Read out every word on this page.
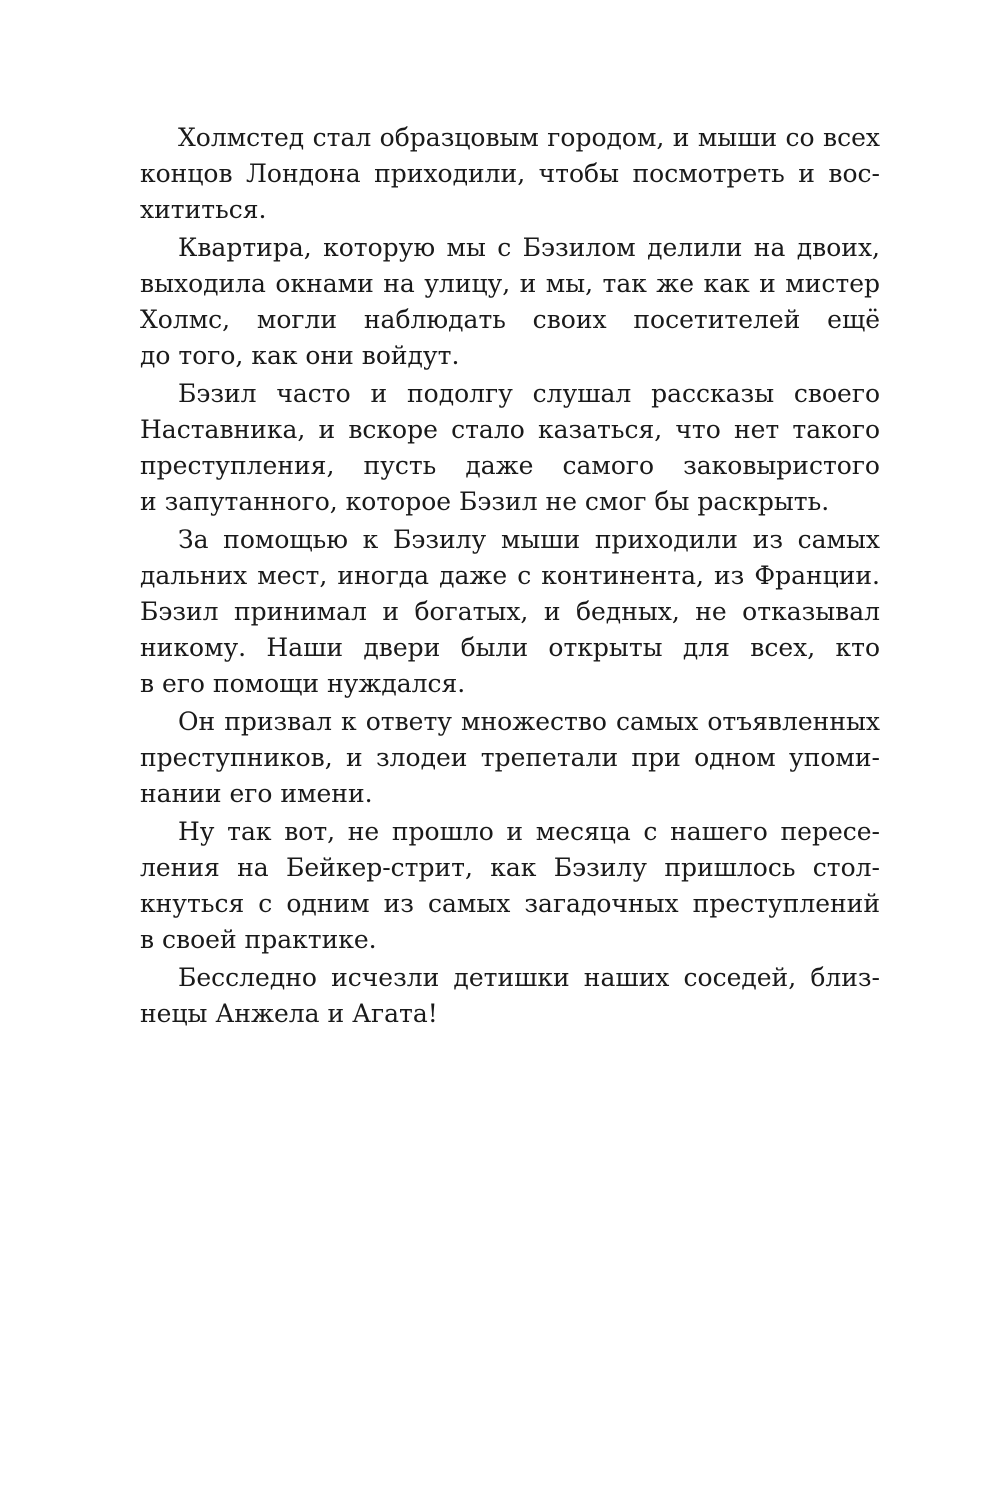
Холмстед стал образцовым городом, и мыши со всех
концов Лондона приходили, чтобы посмотреть и вос-
хититься.
Квартира, которую мы с Бэзилом делили на двоих,
выходила окнами на улицу, и мы, так же как и мистер
Холмс, могли наблюдать своих посетителей ещё
до того, как они войдут.
Бэзил часто и подолгу слушал рассказы своего
Наставника, и вскоре стало казаться, что нет такого
преступления, пусть даже самого заковыристого
и запутанного, которое Бэзил не смог бы раскрыть.
За помощью к Бэзилу мыши приходили из самых
дальних мест, иногда даже с континента, из Франции.
Бэзил принимал и богатых, и бедных, не отказывал
никому. Наши двери были открыты для всех, кто
в его помощи нуждался.
Он призвал к ответу множество самых отъявленных
преступников, и злодеи трепетали при одном упоми-
нании его имени.
Ну так вот, не прошло и месяца с нашего пересе-
ления на Бейкер-стрит, как Бэзилу пришлось стол-
кнуться с одним из самых загадочных преступлений
в своей практике.
Бесследно исчезли детишки наших соседей, близ-
нецы Анжела и Агата!
